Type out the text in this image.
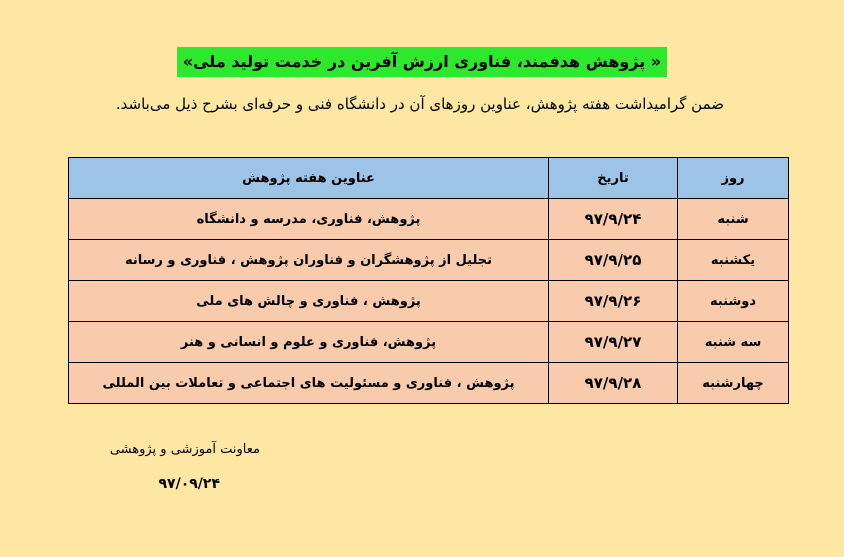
« پژوهش هدفمند، فناوری ارزش آفرین در خدمت تولید ملی»
ضمن گرامیداشت هفته پژوهش، عناوین روزهای آن در دانشگاه فنی و حرفه‌ای بشرح ذیل می‌باشد.
روز	تاریخ	عناوین هفته پژوهش
شنبه	۹۷/۹/۲۴	پژوهش، فناوری، مدرسه و دانشگاه
یکشنبه	۹۷/۹/۲۵	تجلیل از پژوهشگران و فناوران پژوهش ، فناوری و رسانه
دوشنبه	۹۷/۹/۲۶	پژوهش ، فناوری و چالش های ملی
سه شنبه	۹۷/۹/۲۷	پژوهش، فناوری و علوم و انسانی و هنر
چهارشنبه	۹۷/۹/۲۸	پژوهش ، فناوری و مسئولیت های اجتماعی و تعاملات بین المللی
معاونت آموزشی و پژوهشی
۹۷/۰۹/۲۴
